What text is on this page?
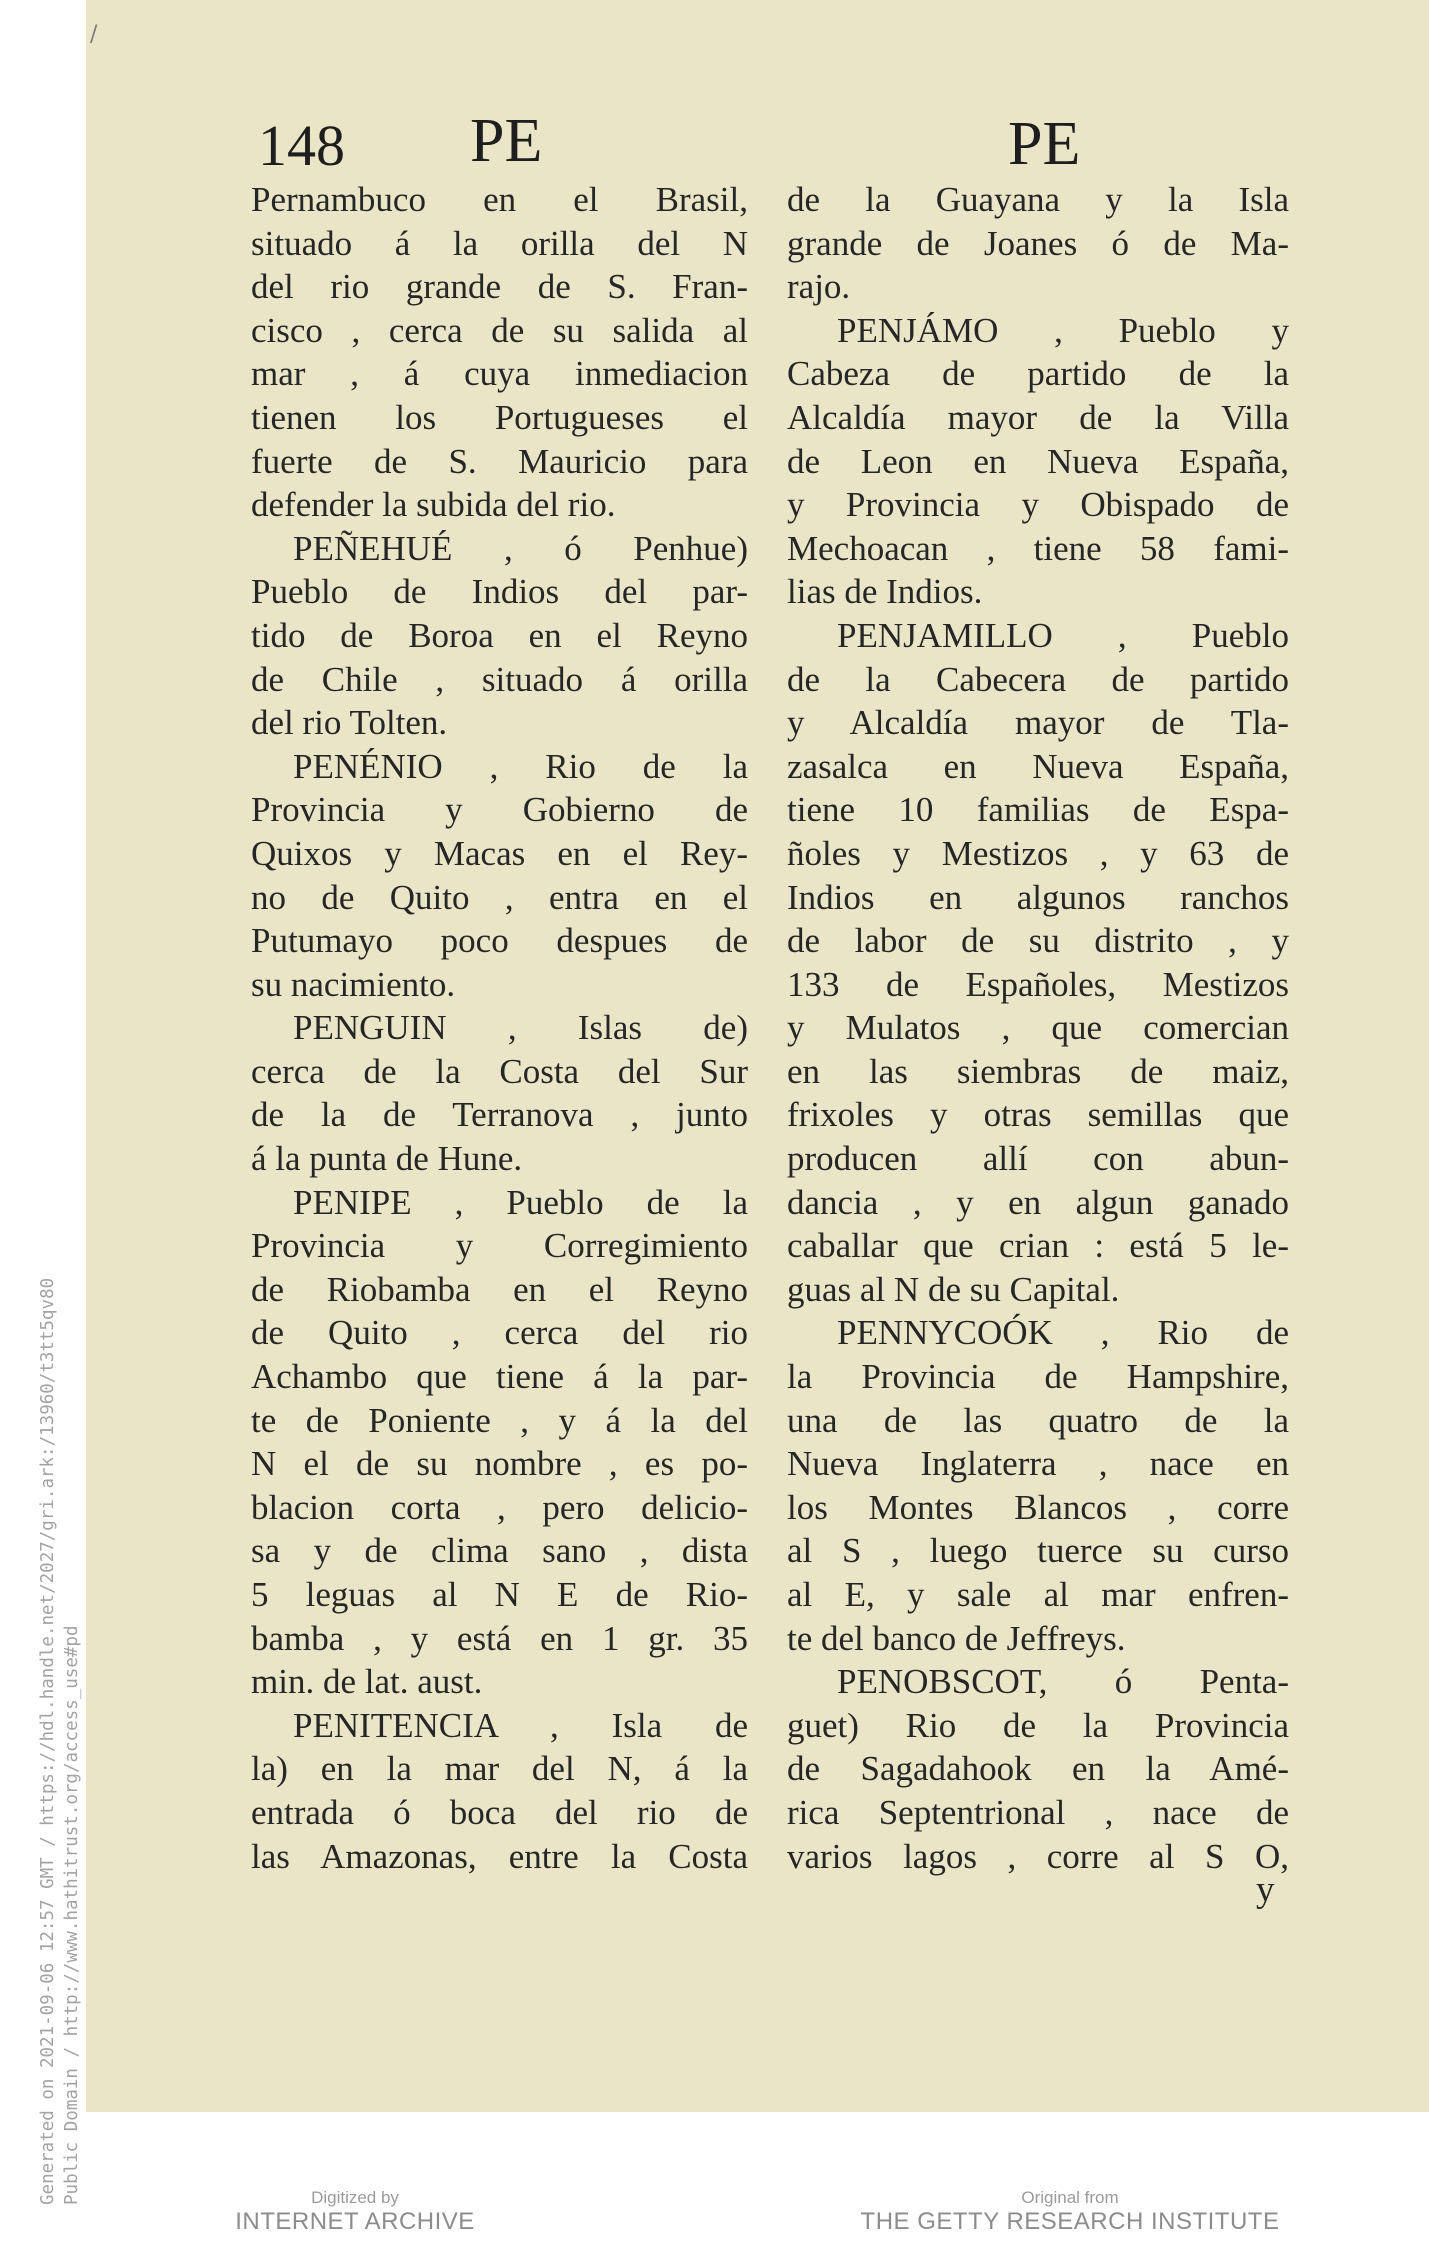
/
Generated on 2021-09-06 12:57 GMT / https://hdl.handle.net/2027/gri.ark:/13960/t3tt5qv80 Public Domain / http://www.hathitrust.org/access_use#pd
148 PE	PE
Pernambuco en el Brasil,
situado á la orilla del N
del rio grande de S. Fran-
cisco , cerca de su salida al
mar , á cuya inmediacion
tienen los Portugueses el
fuerte de S. Mauricio para
defender la subida del rio.
PEÑEHUÉ , ó Penhue)
Pueblo de Indios del par-
tido de Boroa en el Reyno
de Chile , situado á orilla
del rio Tolten.
PENÉNIO , Rio de la
Provincia y Gobierno de
Quixos y Macas en el Rey-
no de Quito , entra en el
Putumayo poco despues de
su nacimiento.
PENGUIN , Islas de)
cerca de la Costa del Sur
de la de Terranova , junto
á la punta de Hune.
PENIPE , Pueblo de la
Provincia y Corregimiento
de Riobamba en el Reyno
de Quito , cerca del rio
Achambo que tiene á la par-
te de Poniente , y á la del
N el de su nombre , es po-
blacion corta , pero delicio-
sa y de clima sano , dista
5 leguas al N E de Rio-
bamba , y está en 1 gr. 35
min. de lat. aust.
PENITENCIA , Isla de
la) en la mar del N, á la
entrada ó boca del rio de
las Amazonas, entre la Costa
de la Guayana y la Isla
grande de Joanes ó de Ma-
rajo.
PENJÁMO , Pueblo y
Cabeza de partido de la
Alcaldía mayor de la Villa
de Leon en Nueva España,
y Provincia y Obispado de
Mechoacan , tiene 58 fami-
lias de Indios.
PENJAMILLO , Pueblo
de la Cabecera de partido
y Alcaldía mayor de Tla-
zasalca en Nueva España,
tiene 10 familias de Espa-
ñoles y Mestizos , y 63 de
Indios en algunos ranchos
de labor de su distrito , y
133 de Españoles, Mestizos
y Mulatos , que comercian
en las siembras de maiz,
frixoles y otras semillas que
producen allí con abun-
dancia , y en algun ganado
caballar que crian : está 5 le-
guas al N de su Capital.
PENNYCOÓK , Rio de
la Provincia de Hampshire,
una de las quatro de la
Nueva Inglaterra , nace en
los Montes Blancos , corre
al S , luego tuerce su curso
al E, y sale al mar enfren-
te del banco de Jeffreys.
PENOBSCOT, ó Penta-
guet) Rio de la Provincia
de Sagadahook en la Amé-
rica Septentrional , nace de
varios lagos , corre al S O,
y
Digitized by
INTERNET ARCHIVE
Original from
THE GETTY RESEARCH INSTITUTE
